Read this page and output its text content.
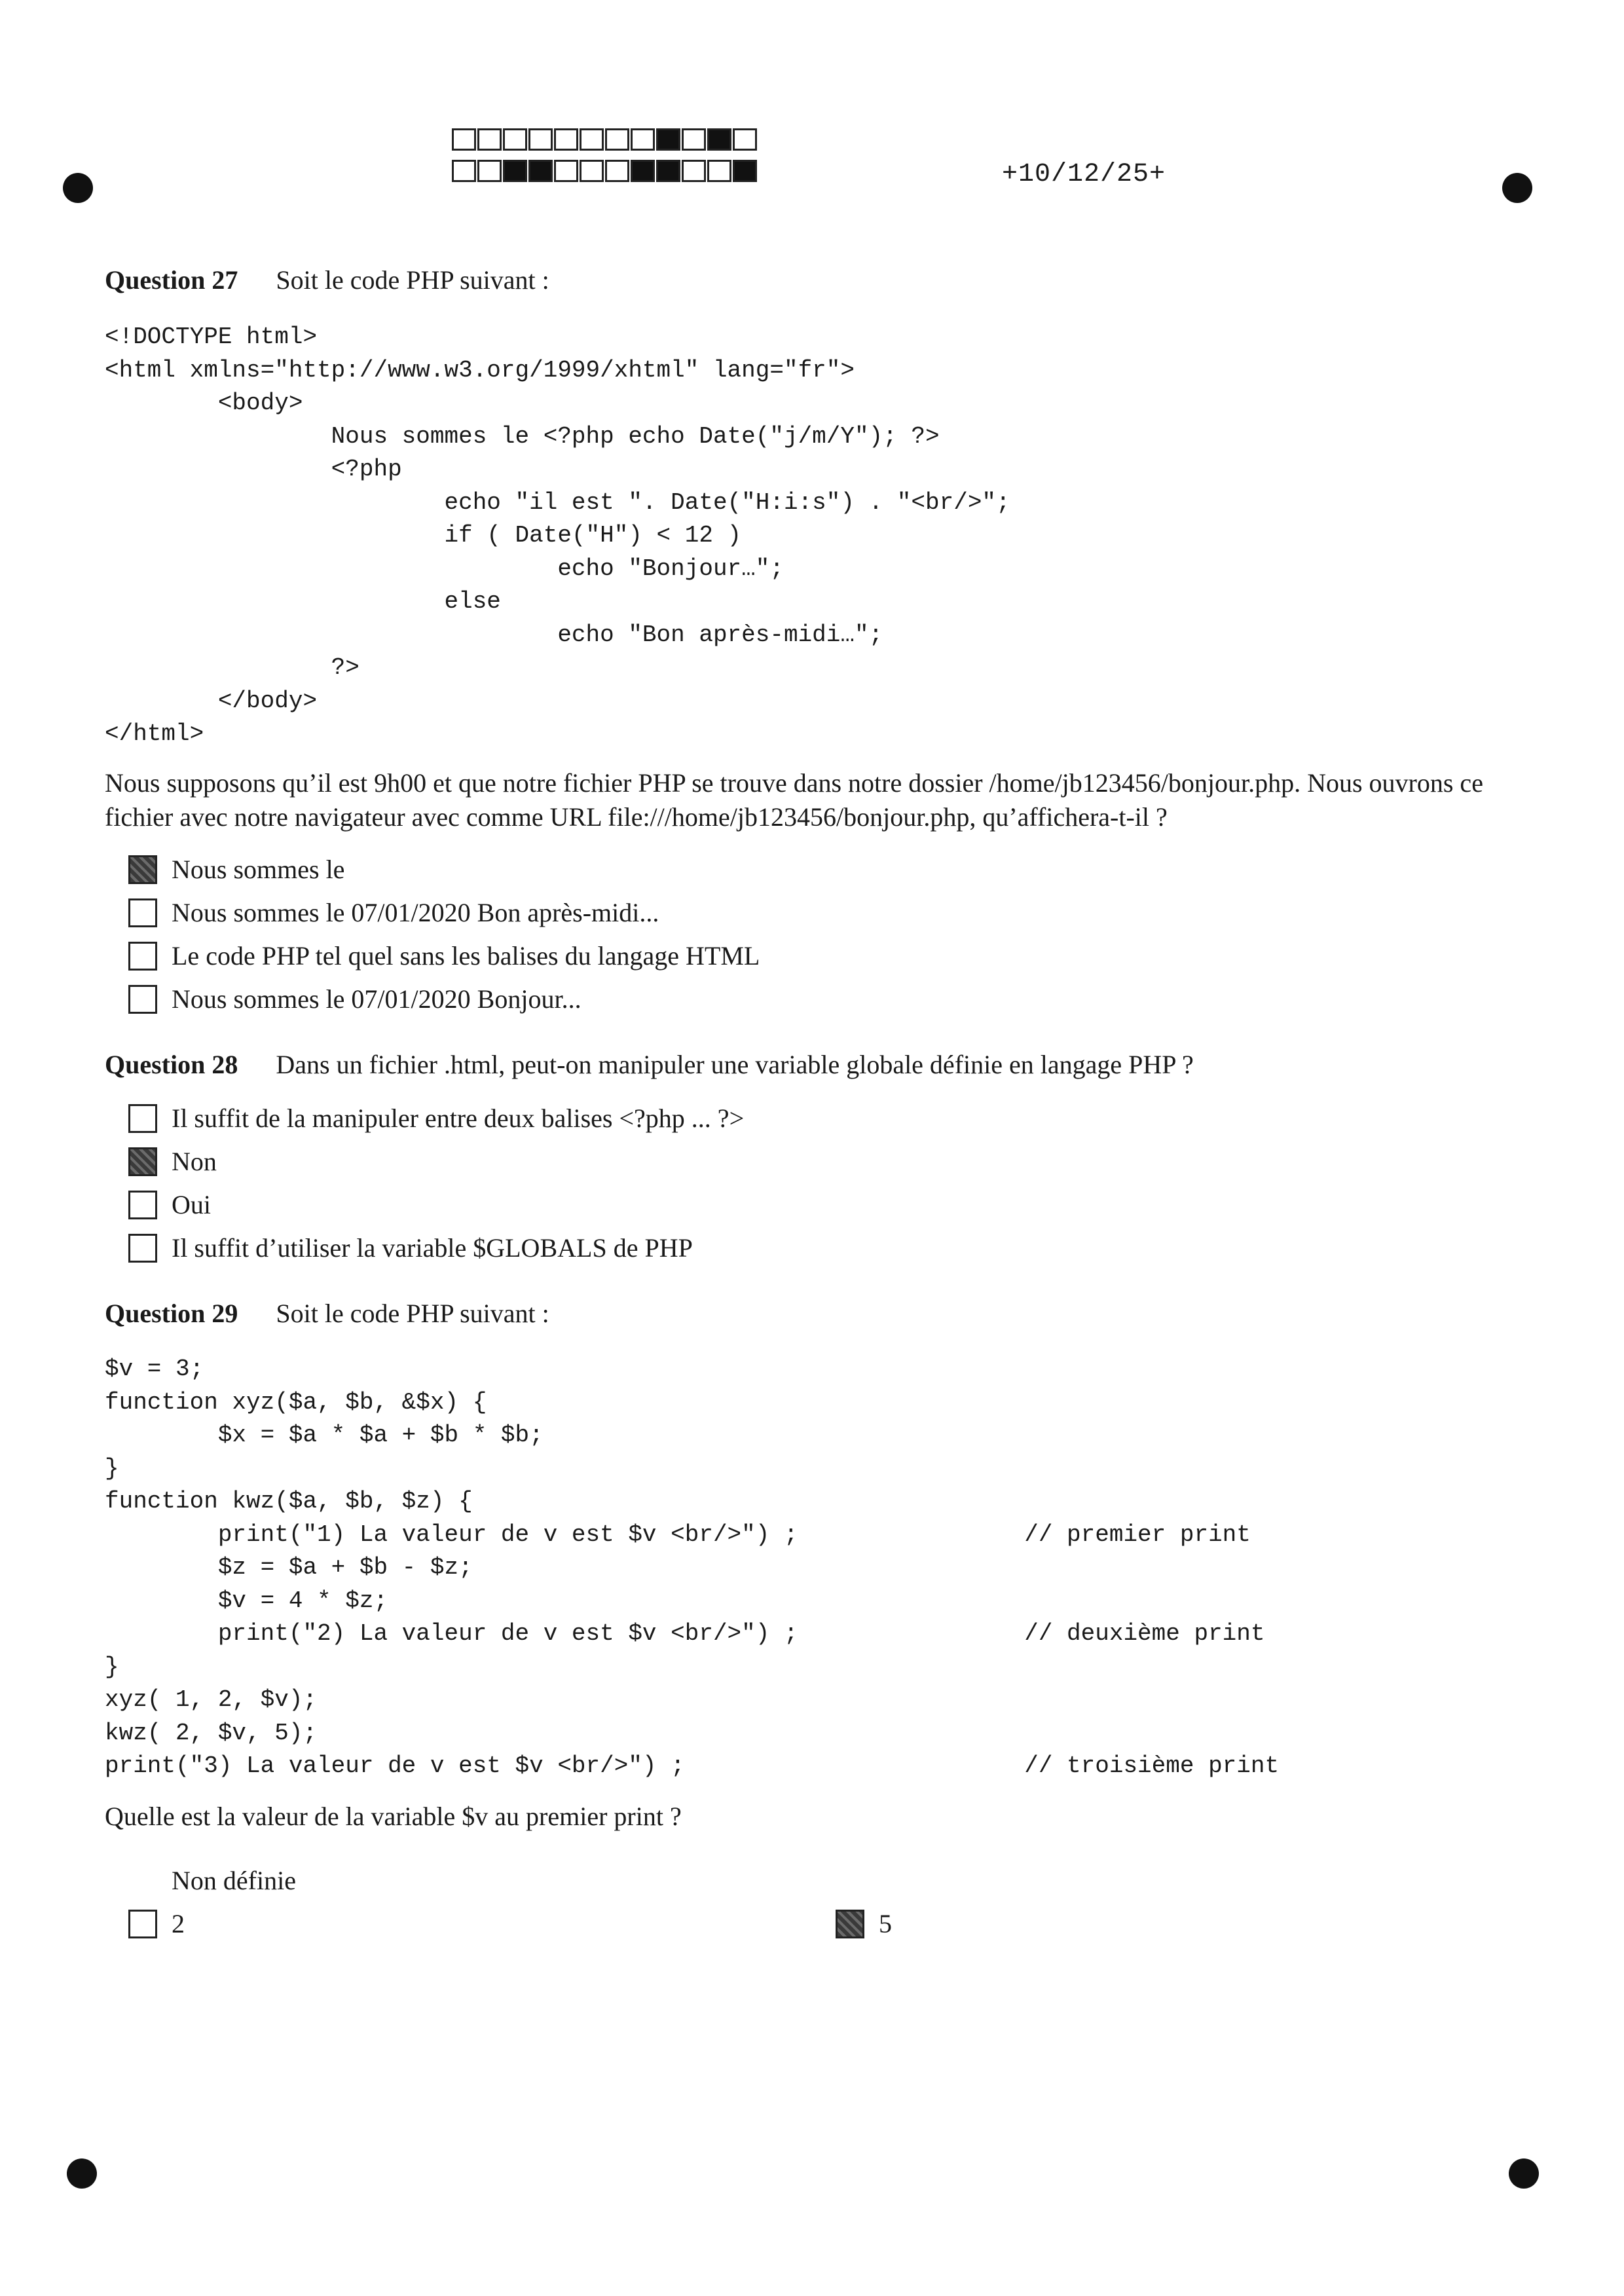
+10/12/25+
Question 27 Soit le code PHP suivant :
<!DOCTYPE html>
<html xmlns="http://www.w3.org/1999/xhtml" lang="fr">
<body>
Nous sommes le <?php echo Date("j/m/Y"); ?>
<?php
echo "il est ". Date("H:i:s") . "<br/>";
if ( Date("H") < 12 )
echo "Bonjour…";
else
echo "Bon après-midi…";
?>
</body>
</html>
Nous supposons qu’il est 9h00 et que notre fichier PHP se trouve dans notre dossier /home/jb123456/bonjour.php. Nous ouvrons ce fichier avec notre navigateur avec comme URL file:///home/jb123456/bonjour.php, qu’affichera-t-il ?
Nous sommes le
Nous sommes le 07/01/2020 Bon après-midi...
Le code PHP tel quel sans les balises du langage HTML
Nous sommes le 07/01/2020 Bonjour...
Question 28 Dans un fichier .html, peut-on manipuler une variable globale définie en langage PHP ?
Il suffit de la manipuler entre deux balises <?php ... ?>
Non
Oui
Il suffit d’utiliser la variable $GLOBALS de PHP
Question 29 Soit le code PHP suivant :
$v = 3;
function xyz($a, $b, &$x) {
$x = $a * $a + $b * $b;
}
function kwz($a, $b, $z) {
print("1) La valeur de v est $v <br/>") ;                // premier print
$z = $a + $b - $z;
$v = 4 * $z;
print("2) La valeur de v est $v <br/>") ;                // deuxième print
}
xyz( 1, 2, $v);
kwz( 2, $v, 5);
print("3) La valeur de v est $v <br/>") ;                        // troisième print
Quelle est la valeur de la variable $v au premier print ?
Non définie
2	5
